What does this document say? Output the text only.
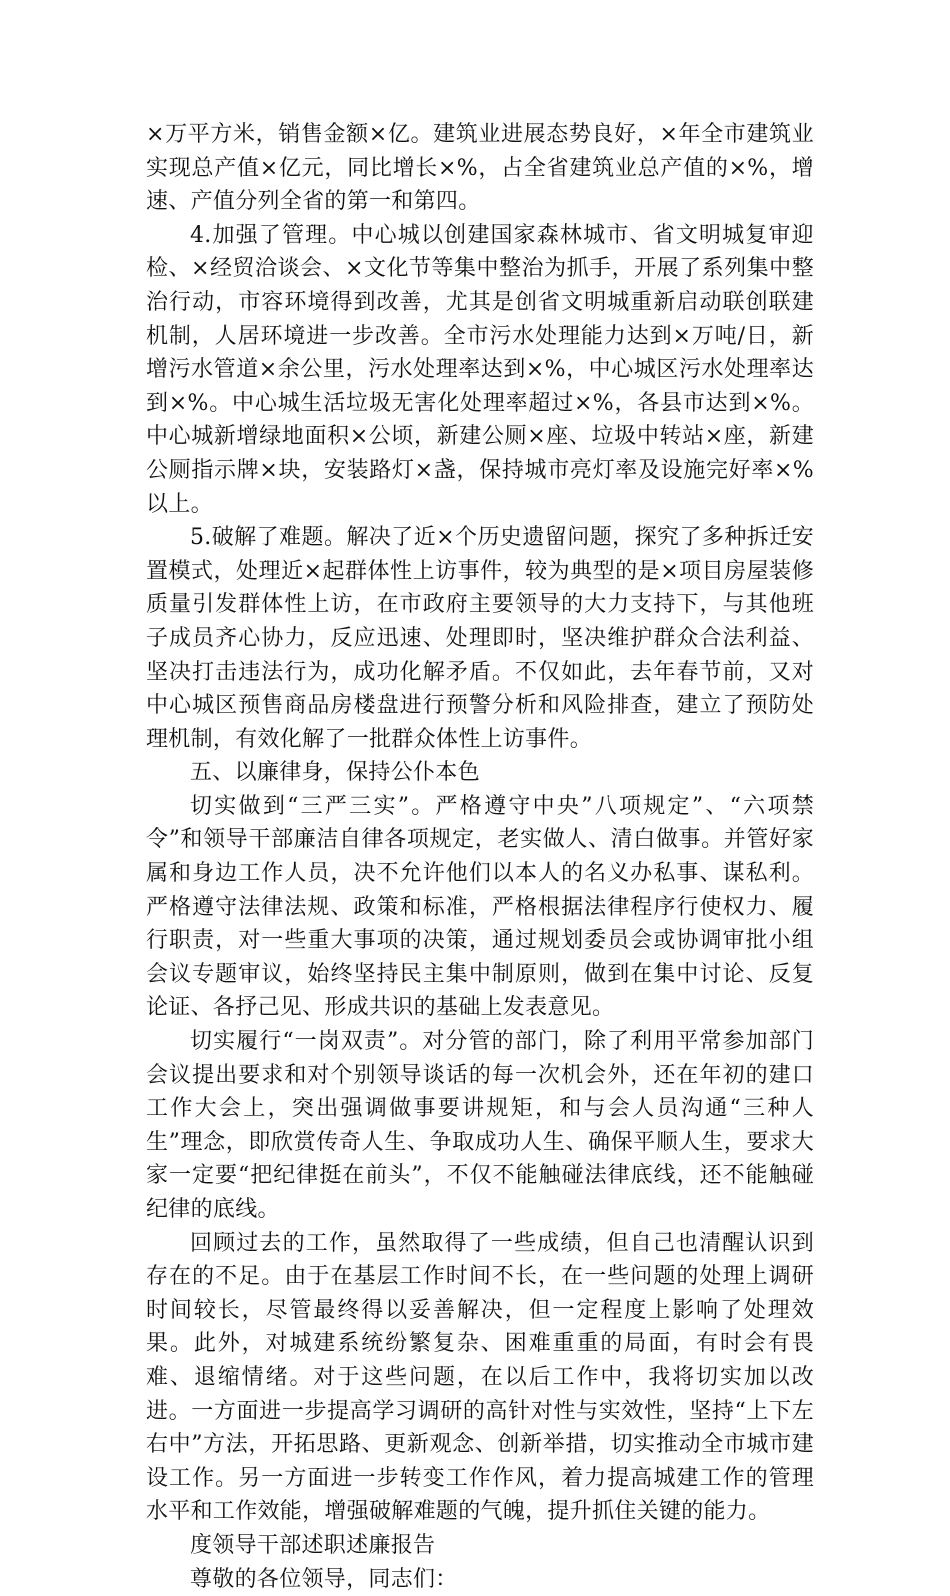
×万平方米，销售金额×亿。建筑业进展态势良好，×年全市建筑业实现总产值×亿元，同比增长×%，占全省建筑业总产值的×%，增速、产值分列全省的第一和第四。

4.加强了管理。中心城以创建国家森林城市、省文明城复审迎检、×经贸洽谈会、×文化节等集中整治为抓手，开展了系列集中整治行动，市容环境得到改善，尤其是创省文明城重新启动联创联建机制，人居环境进一步改善。全市污水处理能力达到×万吨/日，新增污水管道×余公里，污水处理率达到×%，中心城区污水处理率达到×%。中心城生活垃圾无害化处理率超过×%，各县市达到×%。中心城新增绿地面积×公顷，新建公厕×座、垃圾中转站×座，新建公厕指示牌×块，安装路灯×盏，保持城市亮灯率及设施完好率×%以上。

5.破解了难题。解决了近×个历史遗留问题，探究了多种拆迁安置模式，处理近×起群体性上访事件，较为典型的是×项目房屋装修质量引发群体性上访，在市政府主要领导的大力支持下，与其他班子成员齐心协力，反应迅速、处理即时，坚决维护群众合法利益、坚决打击违法行为，成功化解矛盾。不仅如此，去年春节前，又对中心城区预售商品房楼盘进行预警分析和风险排查，建立了预防处理机制，有效化解了一批群众体性上访事件。

五、以廉律身，保持公仆本色

切实做到“三严三实”。严格遵守中央”八项规定”、“六项禁令”和领导干部廉洁自律各项规定，老实做人、清白做事。并管好家属和身边工作人员，决不允许他们以本人的名义办私事、谋私利。严格遵守法律法规、政策和标准，严格根据法律程序行使权力、履行职责，对一些重大事项的决策，通过规划委员会或协调审批小组会议专题审议，始终坚持民主集中制原则，做到在集中讨论、反复论证、各抒己见、形成共识的基础上发表意见。

切实履行“一岗双责”。对分管的部门，除了利用平常参加部门会议提出要求和对个别领导谈话的每一次机会外，还在年初的建口工作大会上，突出强调做事要讲规矩，和与会人员沟通“三种人生”理念，即欣赏传奇人生、争取成功人生、确保平顺人生，要求大家一定要“把纪律挺在前头”，不仅不能触碰法律底线，还不能触碰纪律的底线。

回顾过去的工作，虽然取得了一些成绩，但自己也清醒认识到存在的不足。由于在基层工作时间不长，在一些问题的处理上调研时间较长，尽管最终得以妥善解决，但一定程度上影响了处理效果。此外，对城建系统纷繁复杂、困难重重的局面，有时会有畏难、退缩情绪。对于这些问题，在以后工作中，我将切实加以改进。一方面进一步提高学习调研的高针对性与实效性，坚持“上下左右中”方法，开拓思路、更新观念、创新举措，切实推动全市城市建设工作。另一方面进一步转变工作作风，着力提高城建工作的管理水平和工作效能，增强破解难题的气魄，提升抓住关键的能力。

度领导干部述职述廉报告

尊敬的各位领导，同志们：
